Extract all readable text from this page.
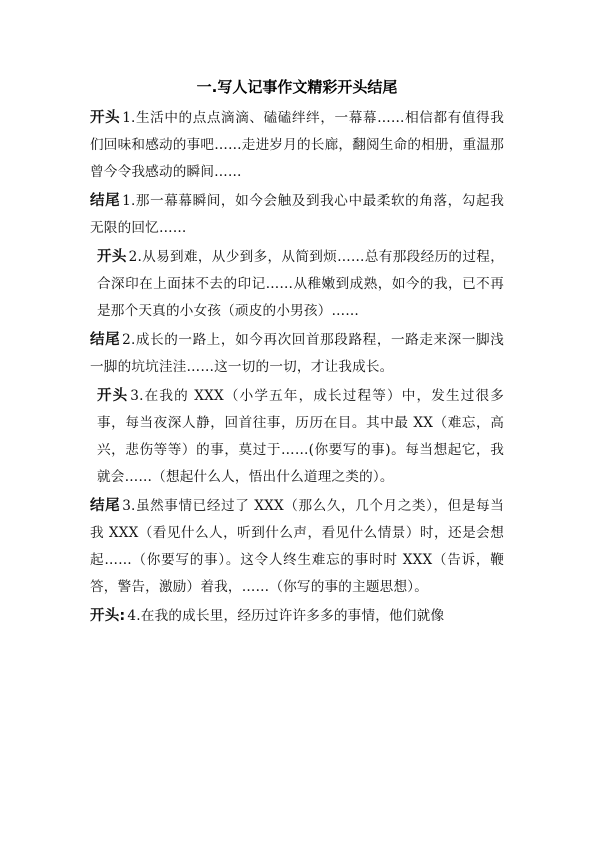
一.写人记事作文精彩开头结尾

开头 1.生活中的点点滴滴、磕磕绊绊，一幕幕……相信都有值得我们回味和感动的事吧……走进岁月的长廊，翻阅生命的相册，重温那曾今令我感动的瞬间……

结尾 1.那一幕幕瞬间，如今会触及到我心中最柔软的角落，勾起我无限的回忆……

开头 2.从易到难，从少到多，从简到烦……总有那段经历的过程，合深印在上面抹不去的印记……从稚嫩到成熟，如今的我，已不再是那个天真的小女孩（顽皮的小男孩）……

结尾 2.成长的一路上，如今再次回首那段路程，一路走来深一脚浅一脚的坑坑洼洼……这一切的一切，才让我成长。

开头 3.在我的 XXX（小学五年，成长过程等）中，发生过很多事，每当夜深人静，回首往事，历历在目。其中最 XX（难忘，高兴，悲伤等等）的事，莫过于……(你要写的事)。每当想起它，我就会……（想起什么人，悟出什么道理之类的）。

结尾 3.虽然事情已经过了 XXX（那么久，几个月之类），但是每当我 XXX（看见什么人，听到什么声，看见什么情景）时，还是会想起……（你要写的事）。这令人终生难忘的事时时 XXX（告诉，鞭答，警告，激励）着我，……（你写的事的主题思想）。

开头: 4.在我的成长里，经历过许许多多的事情，他们就像
